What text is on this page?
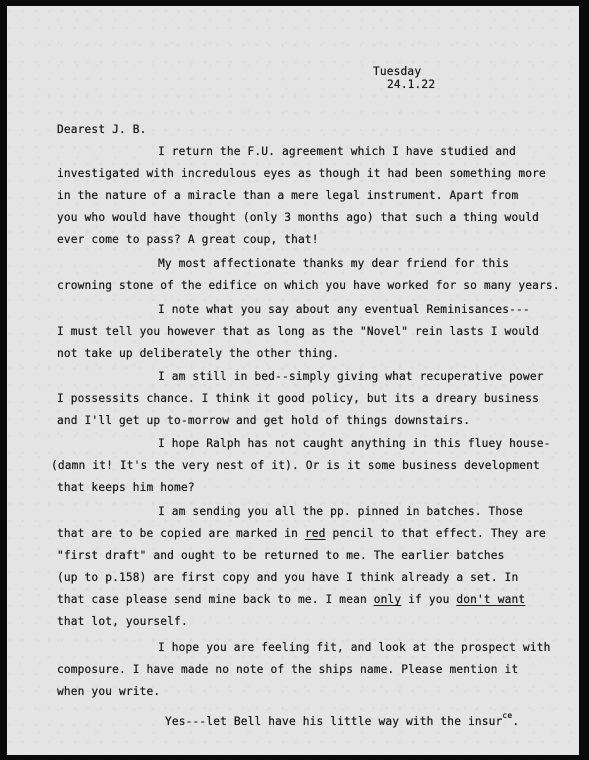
Tuesday
24.1.22
Dearest J. B.
I return the F.U. agreement which I have studied and
investigated with incredulous eyes as though it had been something more
in the nature of a miracle than a mere legal instrument. Apart from
you who would have thought (only 3 months ago) that such a thing would
ever come to pass? A great coup, that!
My most affectionate thanks my dear friend for this
crowning stone of the edifice on which you have worked for so many years.
I note what you say about any eventual Reminisances---
I must tell you however that as long as the "Novel" rein lasts I would
not take up deliberately the other thing.
I am still in bed--simply giving what recuperative power
I possessits chance. I think it good policy, but its a dreary business
and I'll get up to-morrow and get hold of things downstairs.
I hope Ralph has not caught anything in this fluey house-
(damn it! It's the very nest of it). Or is it some business development
that keeps him home?
I am sending you all the pp. pinned in batches. Those
that are to be copied are marked in red pencil to that effect. They are
"first draft" and ought to be returned to me. The earlier batches
(up to p.158) are first copy and you have I think already a set. In
that case please send mine back to me. I mean only if you don't want
that lot, yourself.
I hope you are feeling fit, and look at the prospect with
composure. I have made no note of the ships name. Please mention it
when you write.
Yes---let Bell have his little way with the insur$^{ce}$.
